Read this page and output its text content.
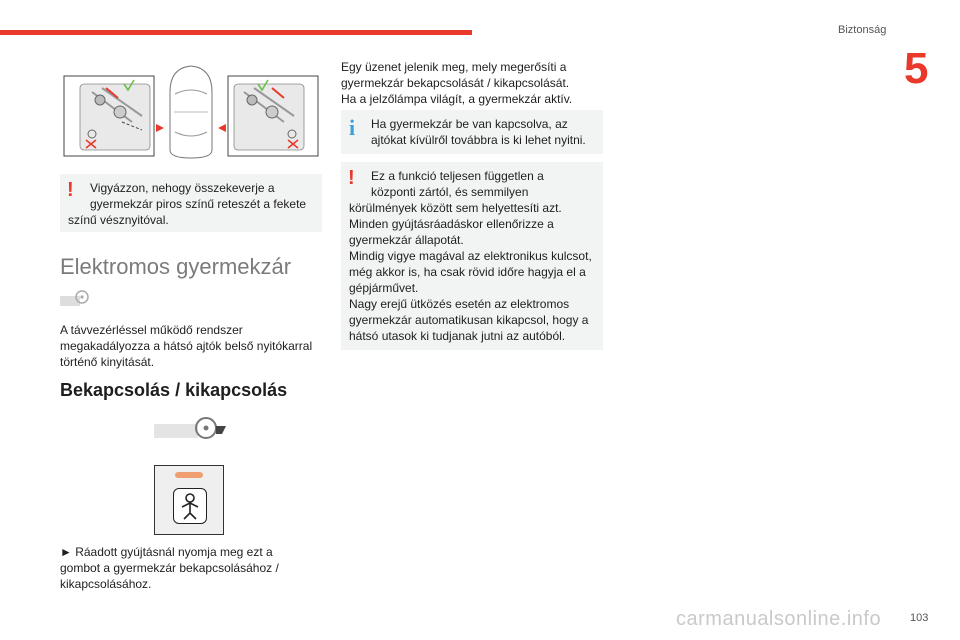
Biztonság
5
! Vigyázzon, nehogy összekeverje a
gyermekzár piros színű reteszét a fekete
színű vésznyitóval.
Elektromos gyermekzár
A távvezérléssel működő rendszer
megakadályozza a hátsó ajtók belső nyitókarral
történő kinyitását.
Bekapcsolás / kikapcsolás
► Ráadott gyújtásnál nyomja meg ezt a
gombot a gyermekzár bekapcsolásához /
kikapcsolásához.
Egy üzenet jelenik meg, mely megerősíti a
gyermekzár bekapcsolását / kikapcsolását.
Ha a jelzőlámpa világít, a gyermekzár aktív.
i Ha gyermekzár be van kapcsolva, az
ajtókat kívülről továbbra is ki lehet nyitni.
! Ez a funkció teljesen független a
központi zártól, és semmilyen
körülmények között sem helyettesíti azt.
Minden gyújtásráadáskor ellenőrizze a
gyermekzár állapotát.
Mindig vigye magával az elektronikus kulcsot,
még akkor is, ha csak rövid időre hagyja el a
gépjárművet.
Nagy erejű ütközés esetén az elektromos
gyermekzár automatikusan kikapcsol, hogy a
hátsó utasok ki tudjanak jutni az autóból.
carmanualsonline.info	103
